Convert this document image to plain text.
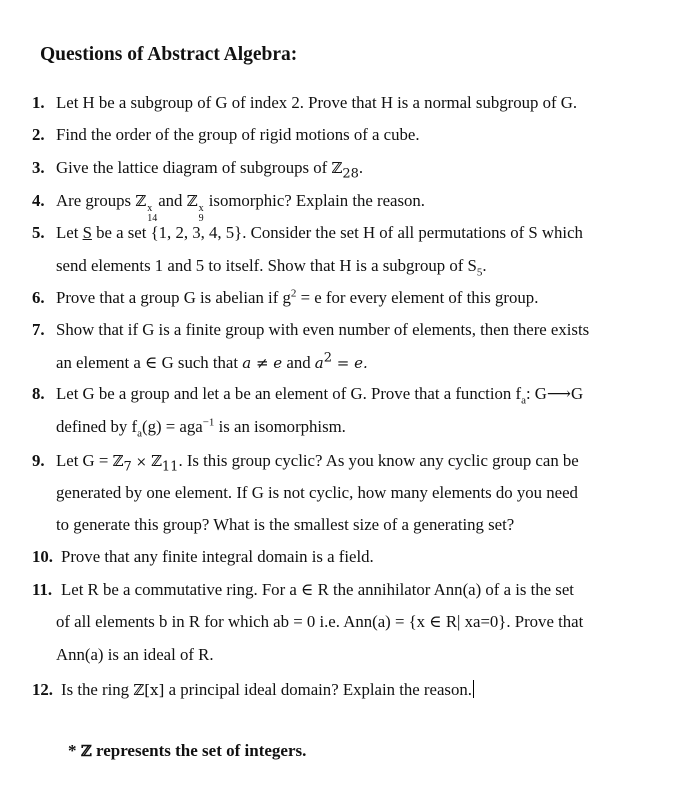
Questions of Abstract Algebra:
1. Let H be a subgroup of G of index 2. Prove that H is a normal subgroup of G.
2. Find the order of the group of rigid motions of a cube.
3. Give the lattice diagram of subgroups of ℤ$_{28}$.
4. Are groups ℤ x
14
and ℤ x
9
isomorphic? Explain the reason.
5. Let S be a set {1, 2, 3, 4, 5}. Consider the set H of all permutations of S which
send elements 1 and 5 to itself. Show that H is a subgroup of $S_5$.
6. Prove that a group G is abelian if $g^2 = e$ for every element of this group.
7. Show that if G is a finite group with even number of elements, then there exists
an element a ∈ G such that a ≠ e and $a^2 = e$.
8. Let G be a group and let a be an element of G. Prove that a function $f_a$: G⟶G
defined by $f_a(g) = aga^{-1}$ is an isomorphism.
9. Let G = ℤ$_7$ × ℤ$_{11}$. Is this group cyclic? As you know any cyclic group can be
generated by one element. If G is not cyclic, how many elements do you need
to generate this group? What is the smallest size of a generating set?
10. Prove that any finite integral domain is a field.
11. Let R be a commutative ring. For a ∈ R the annihilator Ann(a) of a is the set
of all elements b in R for which ab = 0 i.e. Ann(a) = {x ∈ R| xa=0}. Prove that
Ann(a) is an ideal of R.
12. Is the ring ℤ[x] a principal ideal domain? Explain the reason.
* ℤ represents the set of integers.
